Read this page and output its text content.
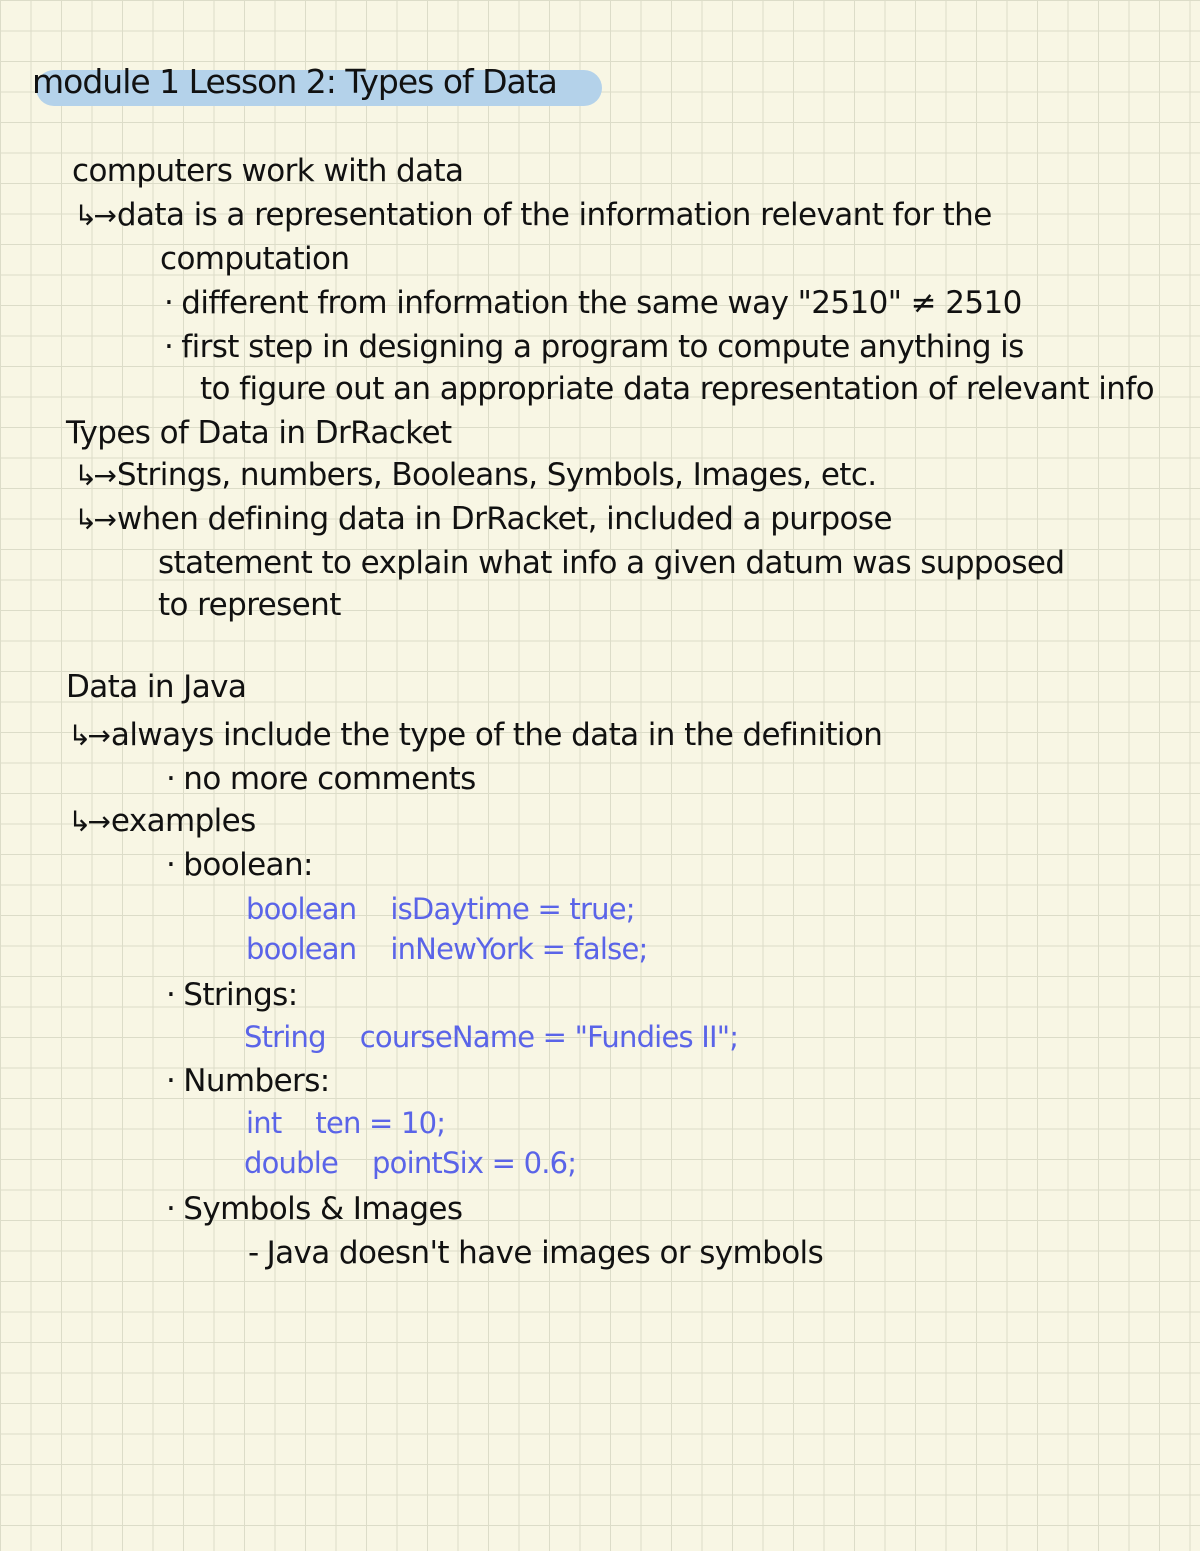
module 1 Lesson 2: Types of Data
computers work with data
↳→ data is a representation of the information relevant for the
computation
· different from information the same way "2510" ≠ 2510
· first step in designing a program to compute anything is
to figure out an appropriate data representation of relevant info
Types of Data in DrRacket
↳→ Strings, numbers, Booleans, Symbols, Images, etc.
↳→ when defining data in DrRacket, included a purpose
statement to explain what info a given datum was supposed
to represent
Data in Java
↳→ always include the type of the data in the definition
· no more comments
↳→ examples
· boolean:
boolean isDaytime = true;
boolean inNewYork = false;
· Strings:
String courseName = "Fundies II";
· Numbers:
int ten = 10;
double pointSix = 0.6;
· Symbols & Images
- Java doesn't have images or symbols
